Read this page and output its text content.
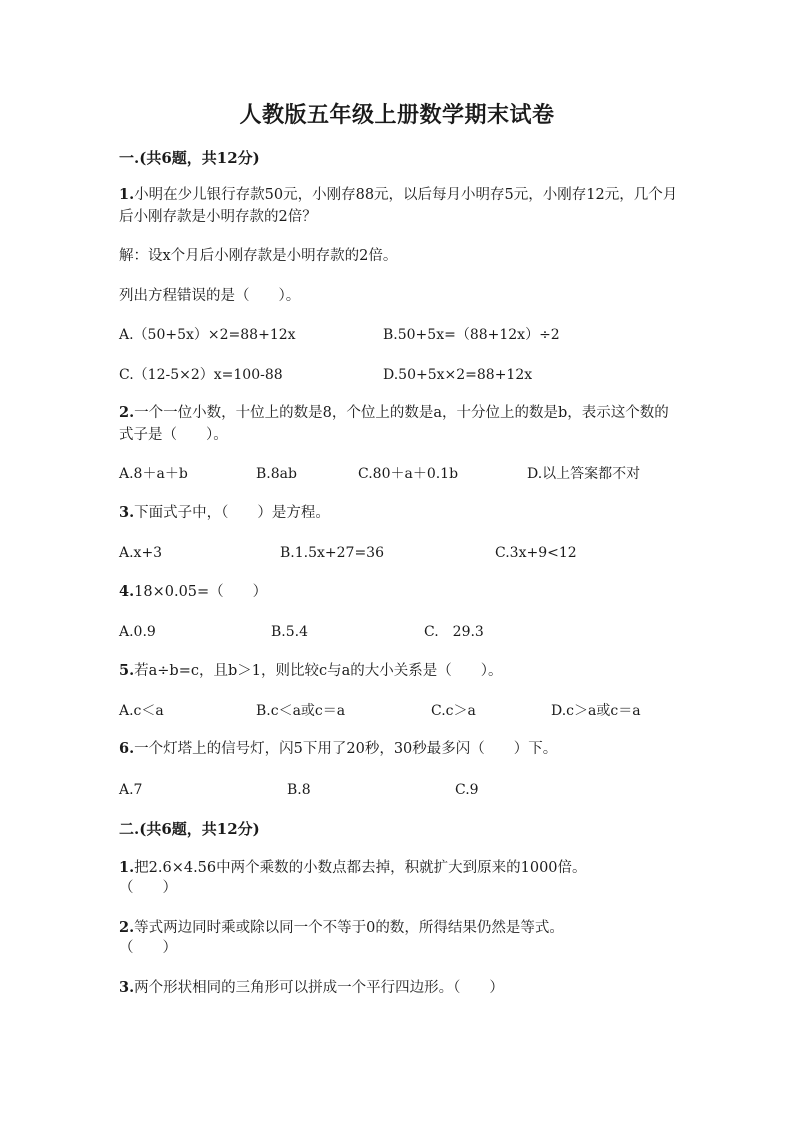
人教版五年级上册数学期末试卷
一.(共6题，共12分)
1.小明在少儿银行存款50元，小刚存88元，以后每月小明存5元，小刚存12元，几个月后小刚存款是小明存款的2倍？
解：设x个月后小刚存款是小明存款的2倍。
列出方程错误的是（　　）。
A.（50+5x）×2=88+12x	B.50+5x=（88+12x）÷2
C.（12-5×2）x=100-88	D.50+5x×2=88+12x
2.一个一位小数，十位上的数是8，个位上的数是a，十分位上的数是b，表示这个数的式子是（　　）。
A.8＋a＋b	B.8ab	C.80＋a＋0.1b	D.以上答案都不对
3.下面式子中，（　　）是方程。
A.x+3	B.1.5x+27=36	C.3x+9<12
4.18×0.05=（　　）
A.0.9	B.5.4	C.　29.3
5.若a÷b=c，且b＞1，则比较c与a的大小关系是（　　）。
A.c＜a	B.c＜a或c＝a	C.c＞a	D.c＞a或c＝a
6.一个灯塔上的信号灯，闪5下用了20秒，30秒最多闪（　　）下。
A.7	B.8	C.9
二.(共6题，共12分)
1.把2.6×4.56中两个乘数的小数点都去掉，积就扩大到原来的1000倍。
（　　）
2.等式两边同时乘或除以同一个不等于0的数，所得结果仍然是等式。
（　　）
3.两个形状相同的三角形可以拼成一个平行四边形。（　　）
